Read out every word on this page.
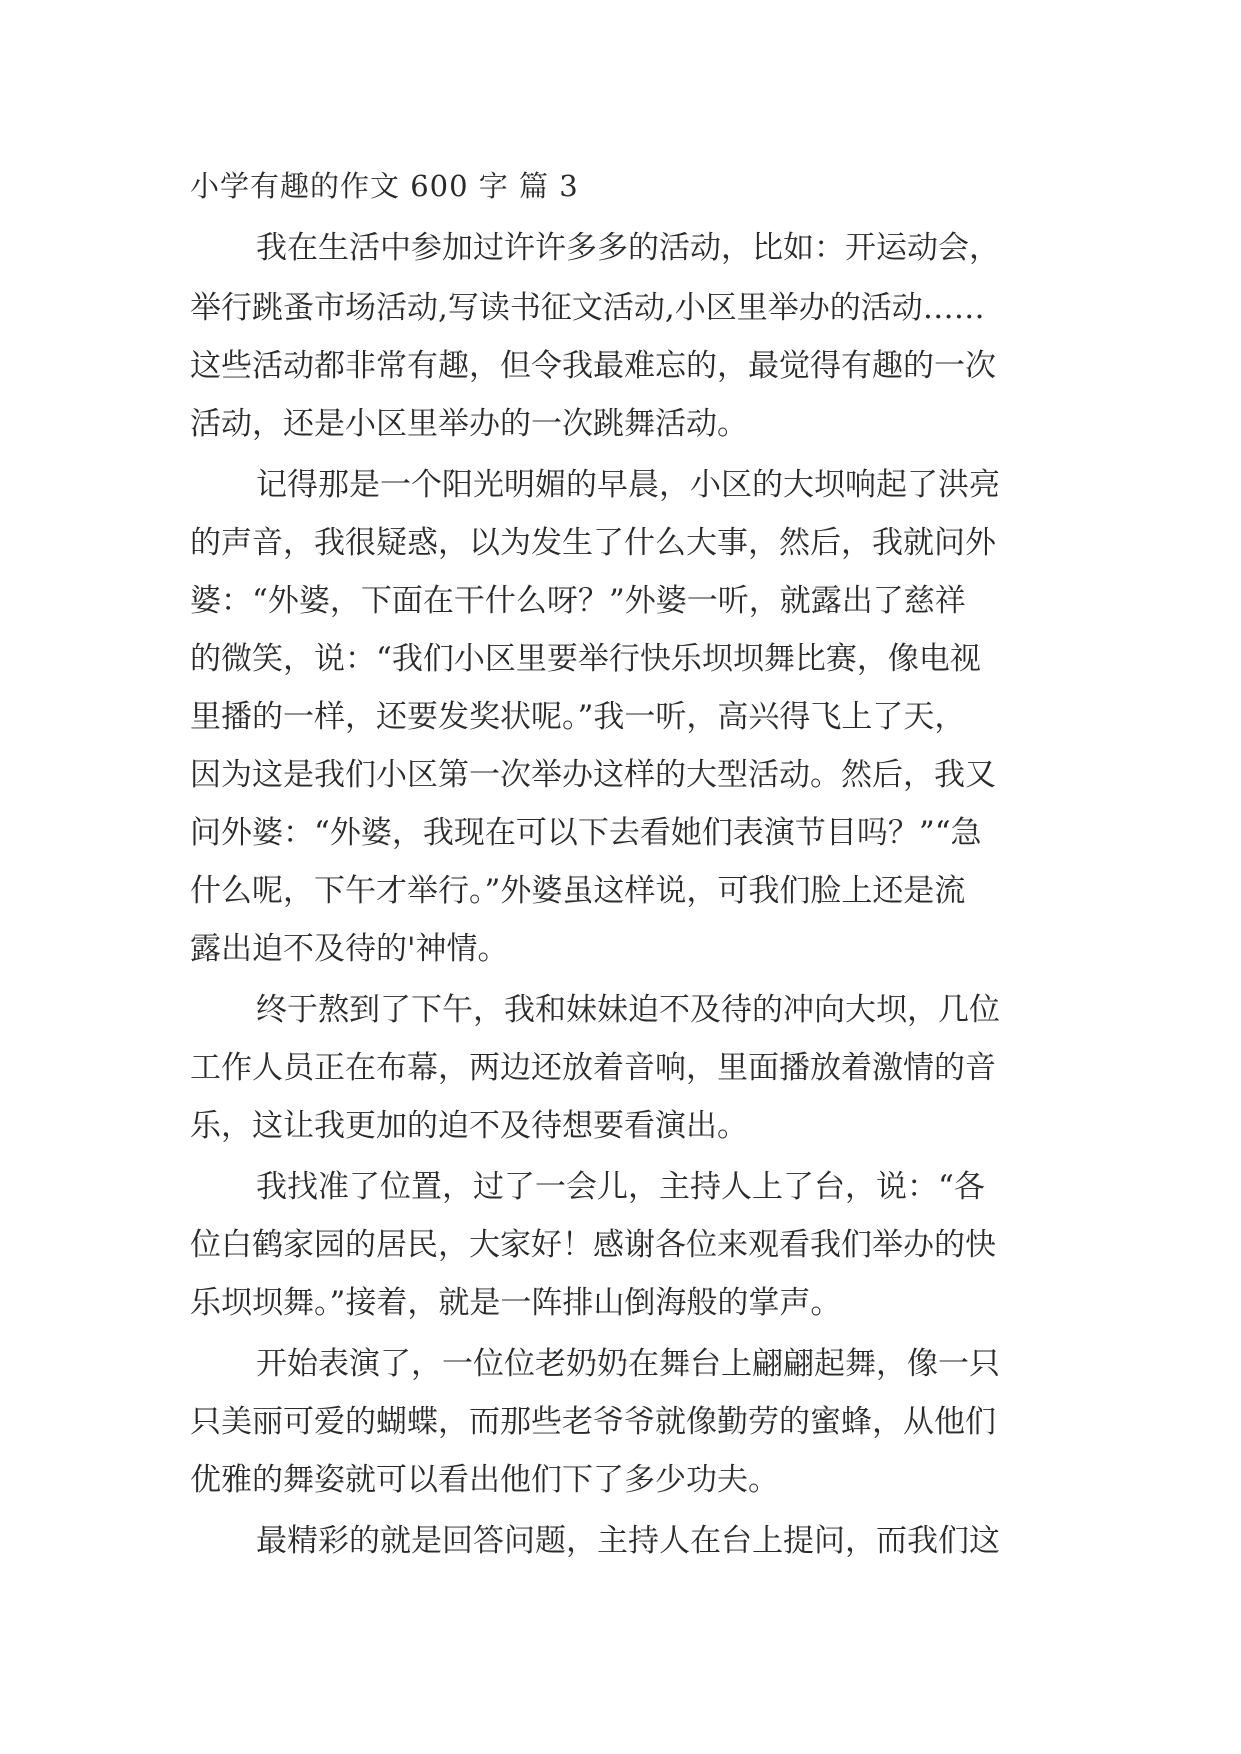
小学有趣的作文 600 字 篇 3
我在生活中参加过许许多多的活动，比如：开运动会，
举行跳蚤市场活动,写读书征文活动,小区里举办的活动……
这些活动都非常有趣，但令我最难忘的，最觉得有趣的一次
活动，还是小区里举办的一次跳舞活动。
记得那是一个阳光明媚的早晨，小区的大坝响起了洪亮
的声音，我很疑惑，以为发生了什么大事，然后，我就问外
婆：“外婆，下面在干什么呀？”外婆一听，就露出了慈祥
的微笑，说：“我们小区里要举行快乐坝坝舞比赛，像电视
里播的一样，还要发奖状呢。”我一听，高兴得飞上了天，
因为这是我们小区第一次举办这样的大型活动。然后，我又
问外婆：“外婆，我现在可以下去看她们表演节目吗？”“急
什么呢，下午才举行。”外婆虽这样说，可我们脸上还是流
露出迫不及待的'神情。
终于熬到了下午，我和妹妹迫不及待的冲向大坝，几位
工作人员正在布幕，两边还放着音响，里面播放着激情的音
乐，这让我更加的迫不及待想要看演出。
我找准了位置，过了一会儿，主持人上了台，说：“各
位白鹤家园的居民，大家好！感谢各位来观看我们举办的快
乐坝坝舞。”接着，就是一阵排山倒海般的掌声。
开始表演了，一位位老奶奶在舞台上翩翩起舞，像一只
只美丽可爱的蝴蝶，而那些老爷爷就像勤劳的蜜蜂，从他们
优雅的舞姿就可以看出他们下了多少功夫。
最精彩的就是回答问题，主持人在台上提问，而我们这
